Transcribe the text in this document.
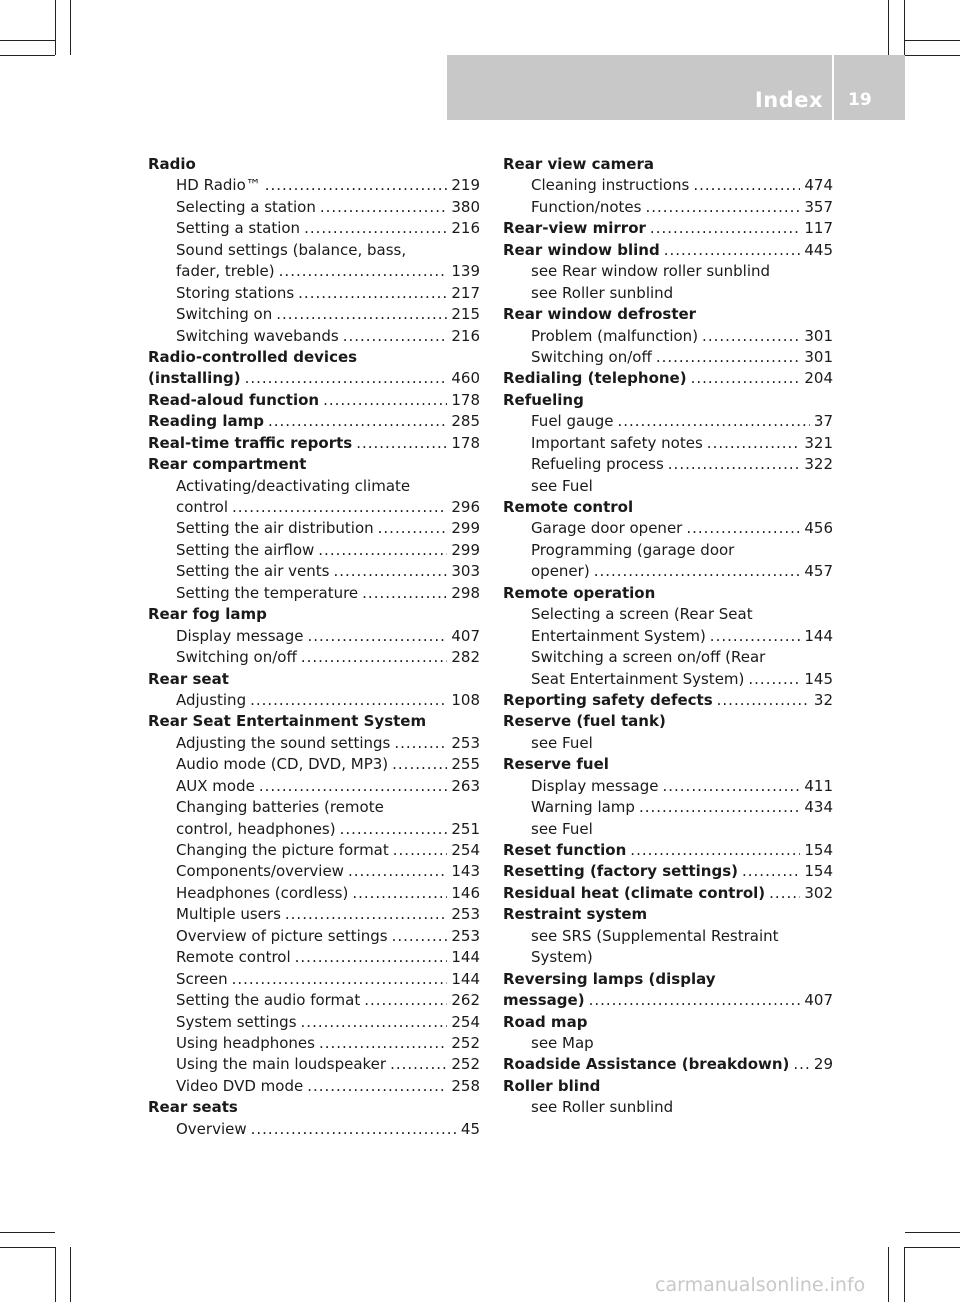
Index 19
Radio
HD Radio™ .....	219
Selecting a station .....	380
Setting a station .....	216
Sound settings (balance, bass,
fader, treble) .....	139
Storing stations .....	217
Switching on .....	215
Switching wavebands .....	216
Radio-controlled devices
(installing) .....	460
Read-aloud function .....	178
Reading lamp .....	285
Real-time traffic reports .....	178
Rear compartment
Activating/deactivating climate
control .....	296
Setting the air distribution .....	299
Setting the airflow .....	299
Setting the air vents .....	303
Setting the temperature .....	298
Rear fog lamp
Display message .....	407
Switching on/off .....	282
Rear seat
Adjusting .....	108
Rear Seat Entertainment System
Adjusting the sound settings .....	253
Audio mode (CD, DVD, MP3) .....	255
AUX mode .....	263
Changing batteries (remote
control, headphones) .....	251
Changing the picture format .....	254
Components/overview .....	143
Headphones (cordless) .....	146
Multiple users .....	253
Overview of picture settings .....	253
Remote control .....	144
Screen .....	144
Setting the audio format .....	262
System settings .....	254
Using headphones .....	252
Using the main loudspeaker .....	252
Video DVD mode .....	258
Rear seats
Overview .....	45
Rear view camera
Cleaning instructions .....	474
Function/notes .....	357
Rear-view mirror .....	117
Rear window blind .....	445
see Rear window roller sunblind
see Roller sunblind
Rear window defroster
Problem (malfunction) .....	301
Switching on/off .....	301
Redialing (telephone) .....	204
Refueling
Fuel gauge .....	37
Important safety notes .....	321
Refueling process .....	322
see Fuel
Remote control
Garage door opener .....	456
Programming (garage door
opener) .....	457
Remote operation
Selecting a screen (Rear Seat
Entertainment System) .....	144
Switching a screen on/off (Rear
Seat Entertainment System) .....	145
Reporting safety defects .....	32
Reserve (fuel tank)
see Fuel
Reserve fuel
Display message .....	411
Warning lamp .....	434
see Fuel
Reset function .....	154
Resetting (factory settings) .....	154
Residual heat (climate control) .....	302
Restraint system
see SRS (Supplemental Restraint
System)
Reversing lamps (display
message) .....	407
Road map
see Map
Roadside Assistance (breakdown) ..... 29
Roller blind
see Roller sunblind
carmanualsonline.info
